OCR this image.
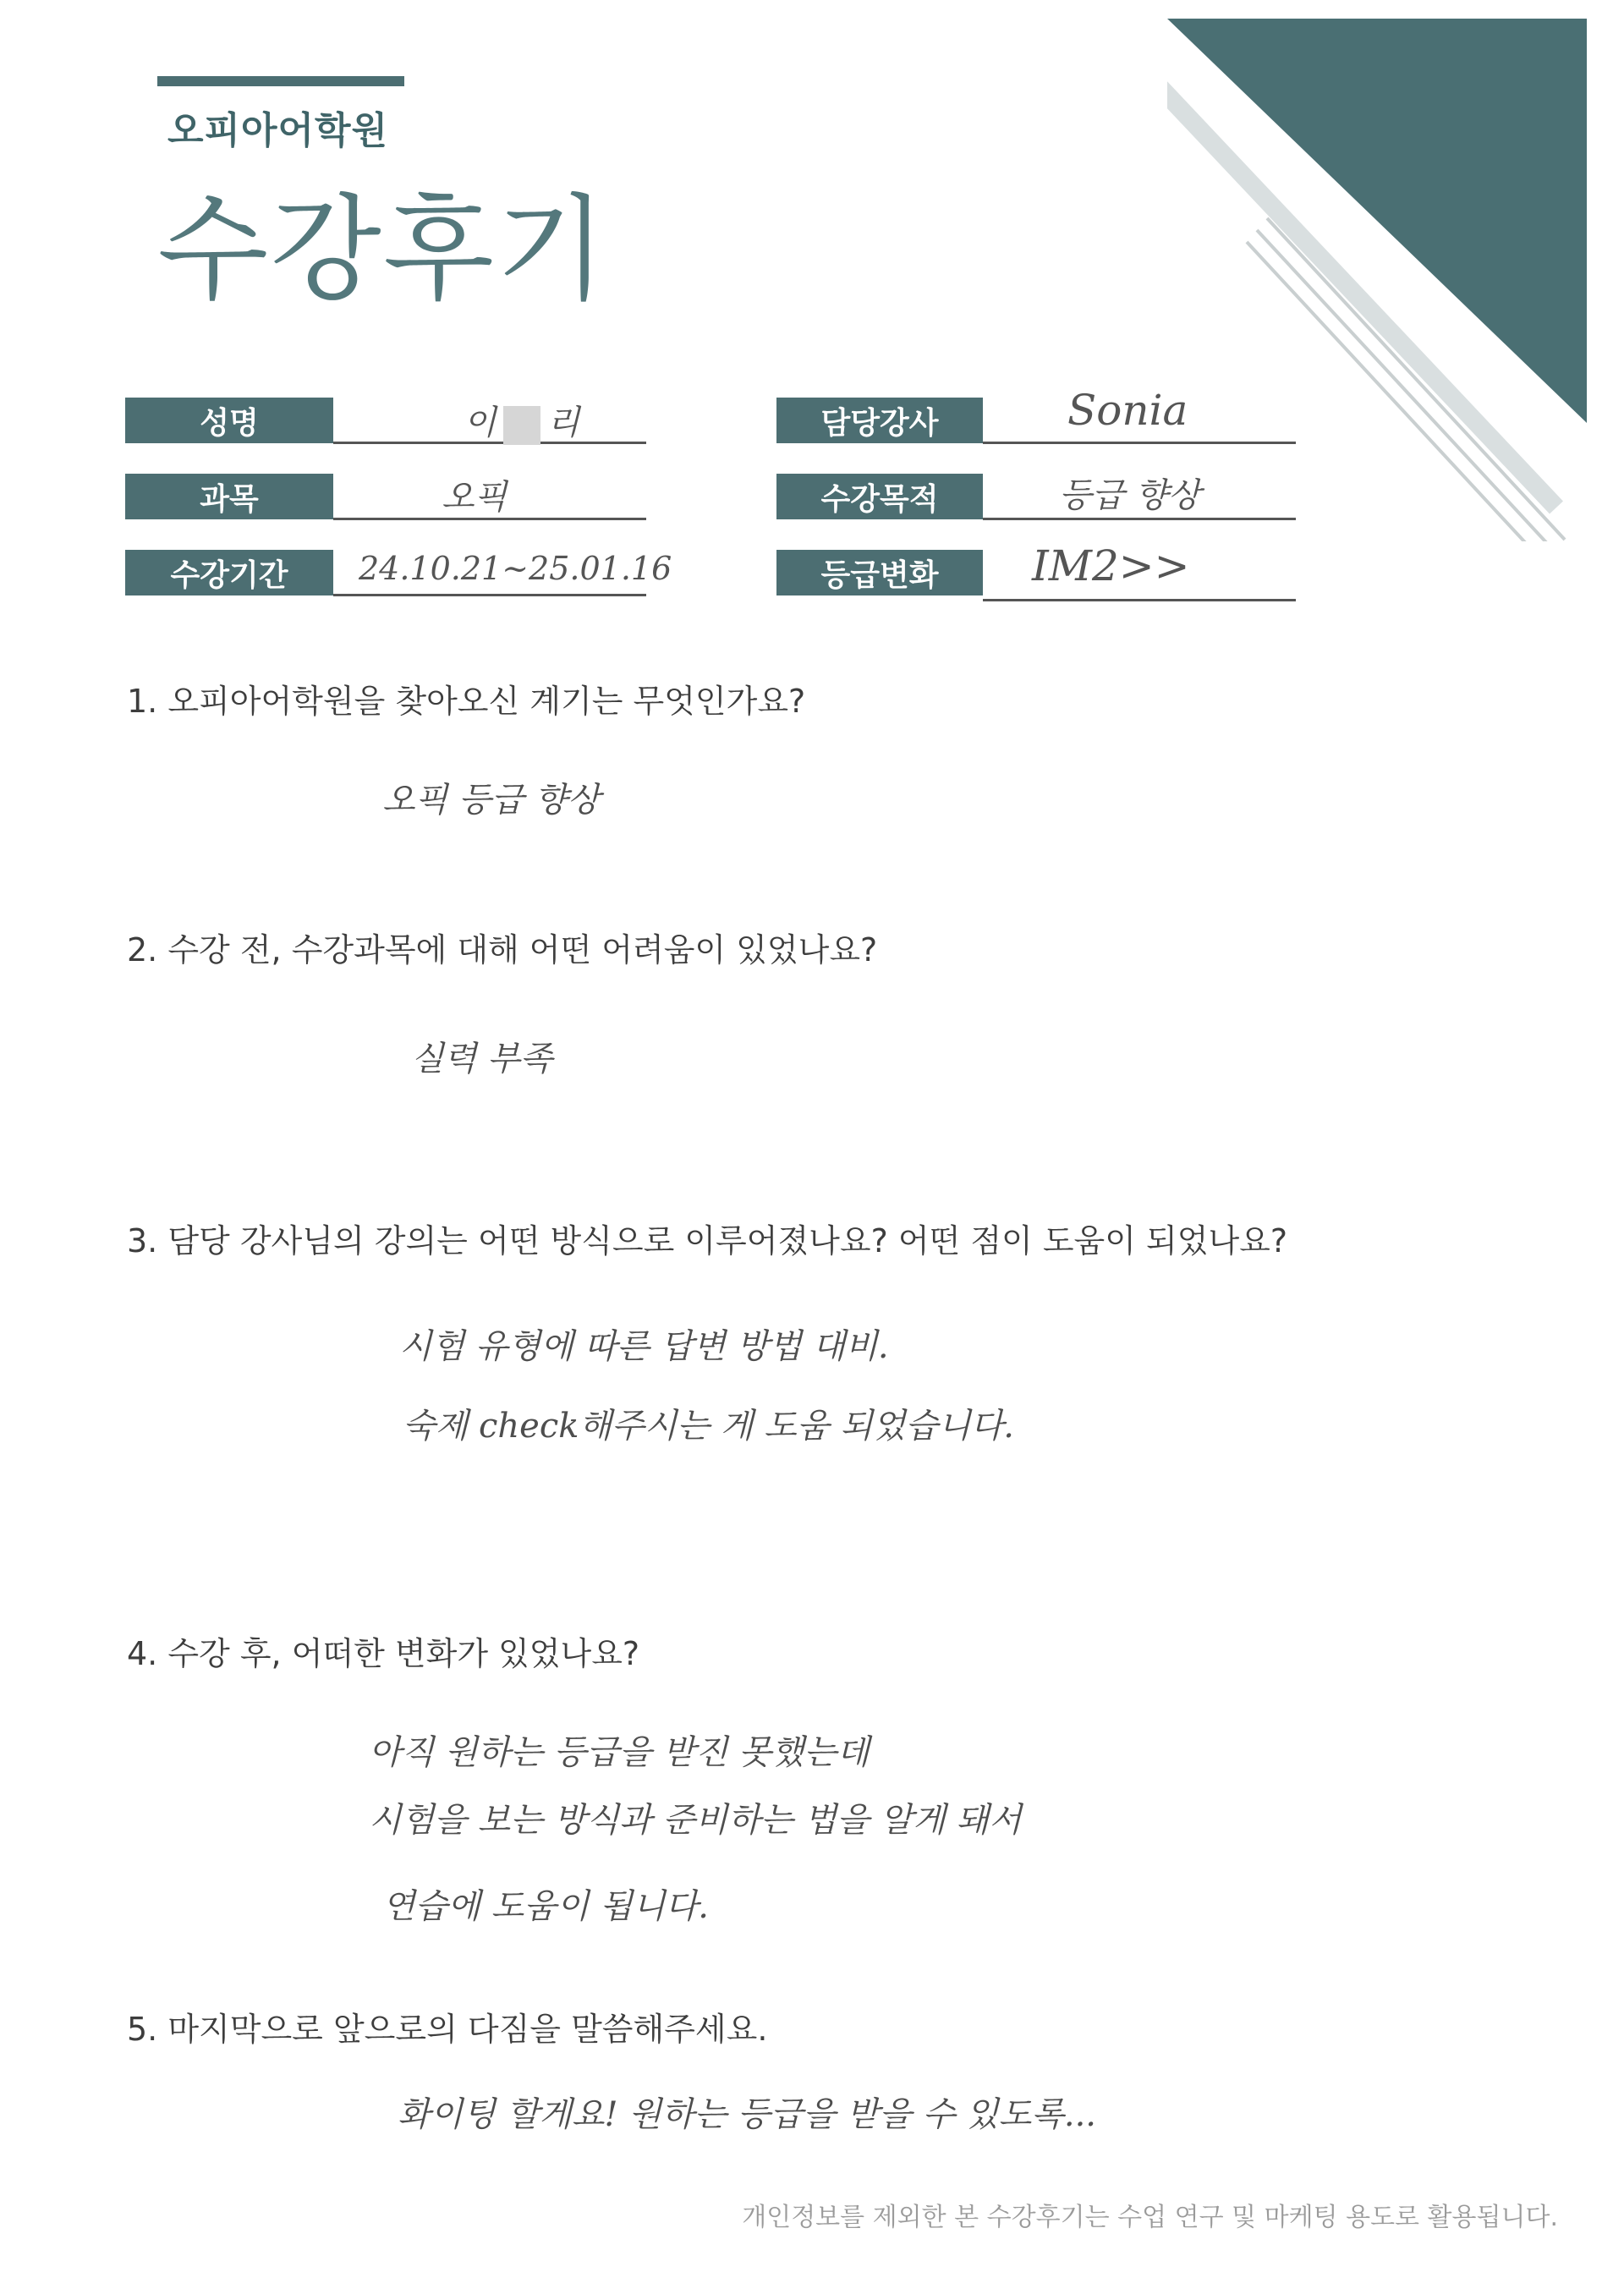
오피아어학원
수강후기
성명	이 리
과목	오픽
수강기간	24.10.21~25.01.16
담당강사	Sonia
수강목적	등급 향상
등급변화	IM2>>
1. 오피아어학원을 찾아오신 계기는 무엇인가요?
오픽 등급 향상
2. 수강 전, 수강과목에 대해 어떤 어려움이 있었나요?
실력 부족
3. 담당 강사님의 강의는 어떤 방식으로 이루어졌나요? 어떤 점이 도움이 되었나요?
시험 유형에 따른 답변 방법 대비.
숙제 check해주시는 게 도움 되었습니다.
4. 수강 후, 어떠한 변화가 있었나요?
아직 원하는 등급을 받진 못했는데
시험을 보는 방식과 준비하는 법을 알게 돼서
연습에 도움이 됩니다.
5. 마지막으로 앞으로의 다짐을 말씀해주세요.
화이팅 할게요! 원하는 등급을 받을 수 있도록...
개인정보를 제외한 본 수강후기는 수업 연구 및 마케팅 용도로 활용됩니다.
